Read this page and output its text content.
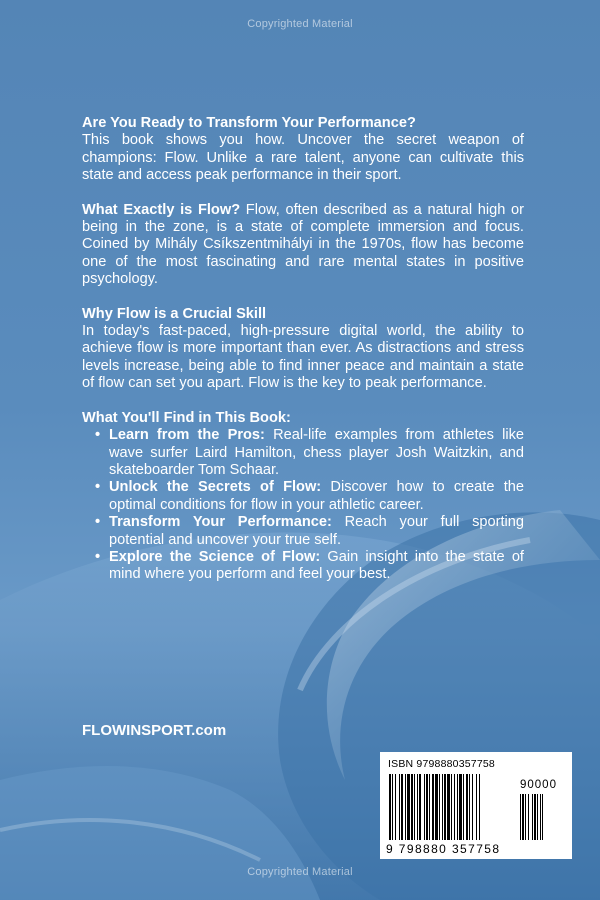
Copyrighted Material

Are You Ready to Transform Your Performance?
This book shows you how. Uncover the secret weapon of champions: Flow. Unlike a rare talent, anyone can cultivate this state and access peak performance in their sport.

What Exactly is Flow? Flow, often described as a natural high or being in the zone, is a state of complete immersion and focus. Coined by Mihály Csíkszentmihályi in the 1970s, flow has become one of the most fascinating and rare mental states in positive psychology.

Why Flow is a Crucial Skill
In today's fast-paced, high-pressure digital world, the ability to achieve flow is more important than ever. As distractions and stress levels increase, being able to find inner peace and maintain a state of flow can set you apart. Flow is the key to peak performance.

What You'll Find in This Book:
• Learn from the Pros: Real-life examples from athletes like wave surfer Laird Hamilton, chess player Josh Waitzkin, and skateboarder Tom Schaar.
• Unlock the Secrets of Flow: Discover how to create the optimal conditions for flow in your athletic career.
• Transform Your Performance: Reach your full sporting potential and uncover your true self.
• Explore the Science of Flow: Gain insight into the state of mind where you perform and feel your best.
FLOWINSPORT.com
ISBN 9798880357758
90000
9 798880 357758
Copyrighted Material
